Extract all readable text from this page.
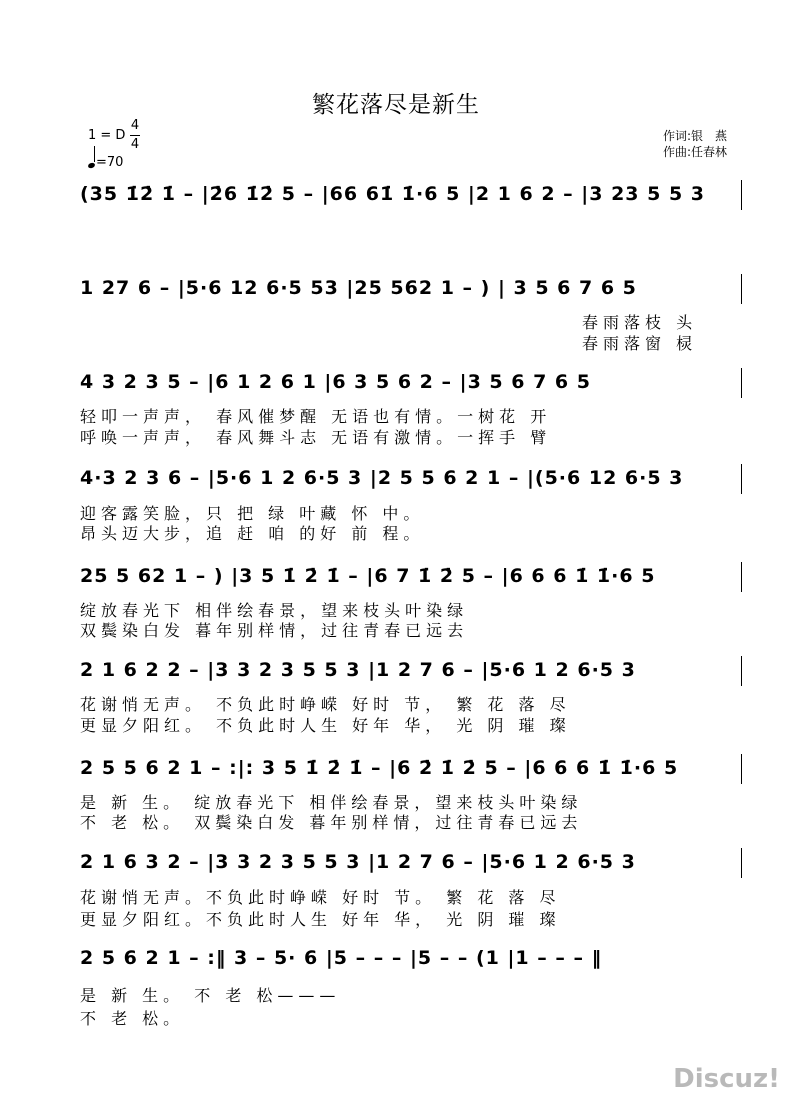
繁花落尽是新生
1 = D
4
4
=70
作词:银　燕
作曲:任春林
(35 1̇2̇ 1̇ – |2̇6 1̇2̇ 5 – |66 61̇ 1̇·6 5 |2 1 6 2 – |3 23 5 5 3
1 27 6 – |5·6 12 6·5 53 |25 562 1 – ) | 3 5 6 7 6 5
春雨落枝 头
春雨落窗 棂
4 3 2 3 5 – |6 1 2 6 1 |6 3 5 6 2 – |3 5 6 7 6 5
轻叩一声声， 春风催梦醒 无语也有情。一树花 开
呼唤一声声， 春风舞斗志 无语有激情。一挥手 臂
4·3 2 3 6 – |5·6 1 2 6·5 3 |2 5 5 6 2 1 – |(5·6 12 6·5 3
迎客露笑脸，只 把 绿 叶藏 怀 中。
昂头迈大步，追 赶 咱 的好 前 程。
25 5 62 1 – ) |3 5 1̇ 2̇ 1̇ – |6 7 1̇ 2̇ 5 – |6 6 6 1̇ 1̇·6 5
绽放春光下 相伴绘春景，望来枝头叶染绿
双鬓染白发 暮年别样情，过往青春已远去
2 1 6 2 2 – |3 3 2 3 5 5 3 |1 2 7 6 – |5·6 1 2 6·5 3
花谢悄无声。 不负此时峥嵘 好时 节， 繁 花 落 尽
更显夕阳红。 不负此时人生 好年 华， 光 阴 璀 璨
2 5 5 6 2 1 – :|: 3 5 1̇ 2̇ 1̇ – |6 2̇ 1̇ 2̇ 5 – |6 6 6 1̇ 1̇·6 5
是 新 生。 绽放春光下 相伴绘春景，望来枝头叶染绿
不 老 松。 双鬓染白发 暮年别样情，过往青春已远去
2 1 6 3 2 – |3 3 2 3 5 5 3 |1 2 7 6 – |5·6 1 2 6·5 3
花谢悄无声。不负此时峥嵘 好时 节。 繁 花 落 尽
更显夕阳红。不负此时人生 好年 华， 光 阴 璀 璨
2 5 6 2 1 – :‖ 3 – 5· 6 |5 – – – |5 – – (1 |1 – – – ‖
是 新 生。 不 老 松———
不 老 松。
Discuz!
